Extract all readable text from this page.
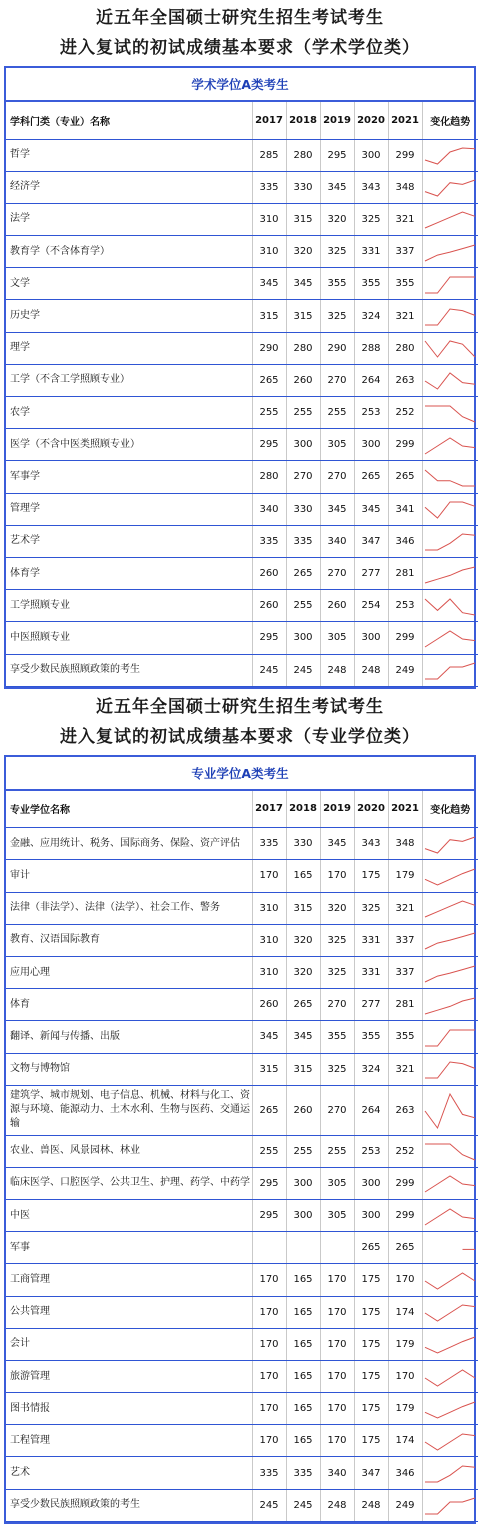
近五年全国硕士研究生招生考试考生
进入复试的初试成绩基本要求（学术学位类）
学术学位A类考生
学科门类（专业）名称	2017	2018	2019	2020	2021	变化趋势
哲学	285	280	295	300	299	

经济学	335	330	345	343	348	

法学	310	315	320	325	321	

教育学（不含体育学）	310	320	325	331	337	

文学	345	345	355	355	355	

历史学	315	315	325	324	321	

理学	290	280	290	288	280	

工学（不含工学照顾专业）	265	260	270	264	263	

农学	255	255	255	253	252	

医学（不含中医类照顾专业）	295	300	305	300	299	

军事学	280	270	270	265	265	

管理学	340	330	345	345	341	

艺术学	335	335	340	347	346	

体育学	260	265	270	277	281	

工学照顾专业	260	255	260	254	253	

中医照顾专业	295	300	305	300	299	

享受少数民族照顾政策的考生	245	245	248	248	249	
近五年全国硕士研究生招生考试考生
进入复试的初试成绩基本要求（专业学位类）
专业学位A类考生
专业学位名称	2017	2018	2019	2020	2021	变化趋势
金融、应用统计、税务、国际商务、保险、资产评估	335	330	345	343	348	

审计	170	165	170	175	179	

法律（非法学）、法律（法学）、社会工作、警务	310	315	320	325	321	

教育、汉语国际教育	310	320	325	331	337	

应用心理	310	320	325	331	337	

体育	260	265	270	277	281	

翻译、新闻与传播、出版	345	345	355	355	355	

文物与博物馆	315	315	325	324	321	

建筑学、城市规划、电子信息、机械、材料与化工、资源与环境、能源动力、土木水利、生物与医药、交通运输	265	260	270	264	263	

农业、兽医、风景园林、林业	255	255	255	253	252	

临床医学、口腔医学、公共卫生、护理、药学、中药学	295	300	305	300	299	

中医	295	300	305	300	299	

军事				265	265	

工商管理	170	165	170	175	170	

公共管理	170	165	170	175	174	

会计	170	165	170	175	179	

旅游管理	170	165	170	175	170	

图书情报	170	165	170	175	179	

工程管理	170	165	170	175	174	

艺术	335	335	340	347	346	

享受少数民族照顾政策的考生	245	245	248	248	249	
